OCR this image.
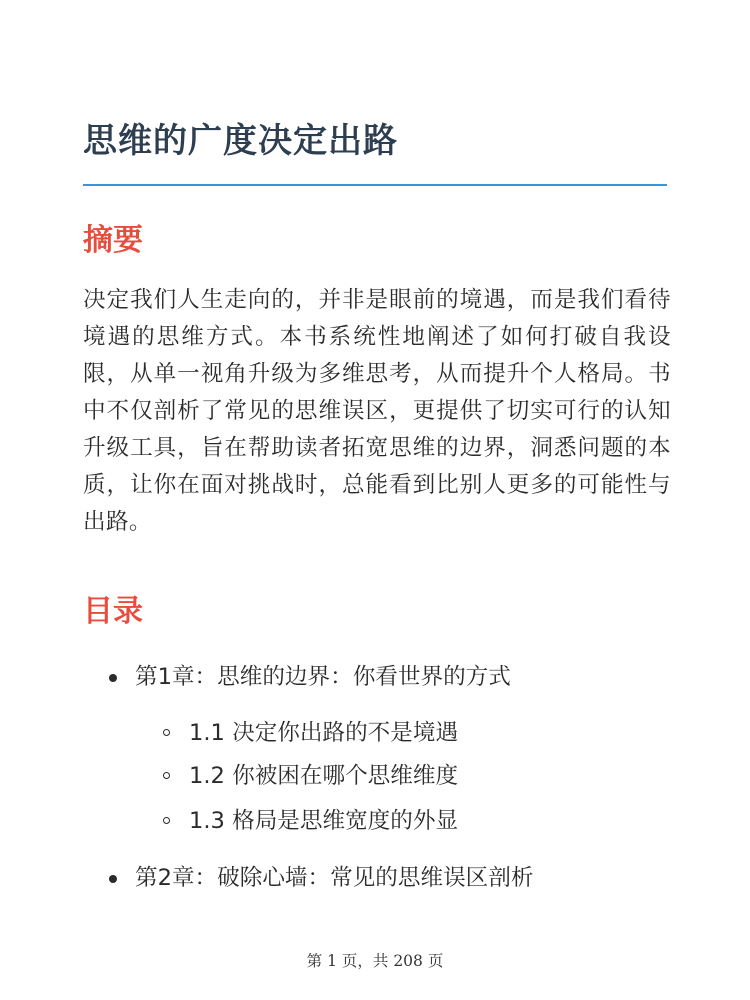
思维的广度决定出路
摘要

决定我们人生走向的，并非是眼前的境遇，而是我们看待境遇的思维方式。本书系统性地阐述了如何打破自我设限，从单一视角升级为多维思考，从而提升个人格局。书中不仅剖析了常见的思维误区，更提供了切实可行的认知升级工具，旨在帮助读者拓宽思维的边界，洞悉问题的本质，让你在面对挑战时，总能看到比别人更多的可能性与出路。

目录
第1章：思维的边界：你看世界的方式
1.1 决定你出路的不是境遇
1.2 你被困在哪个思维维度
1.3 格局是思维宽度的外显
第2章：破除心墙：常见的思维误区剖析
第 1 页，共 208 页
